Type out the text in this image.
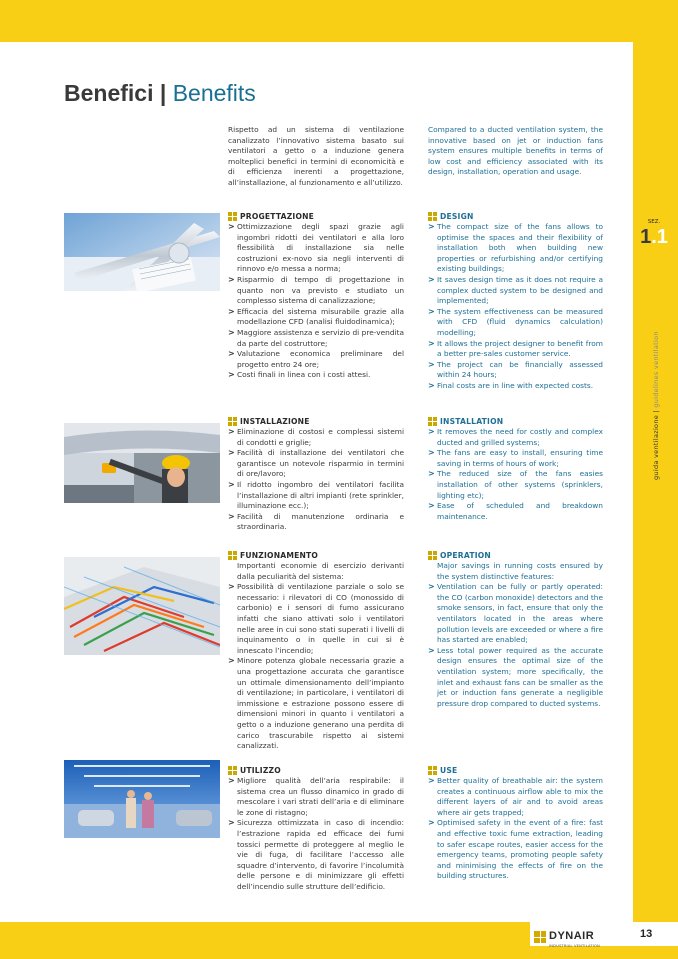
Benefici | Benefits

Rispetto ad un sistema di ventilazione canalizzato l’innovativo sistema basato sui ventilatori a getto o a induzione genera molteplici benefici in termini di economicità e di efficienza inerenti a progettazione, all’installazione, al funzionamento e all’utilizzo.

Compared to a ducted ventilation system, the innovative based on jet or induction fans system ensures multiple benefits in terms of low cost and efficiency associated with its design, installation, operation and usage.

PROGETTAZIONE
> Ottimizzazione degli spazi grazie agli ingombri ridotti dei ventilatori e alla loro flessibilità di installazione sia nelle costruzioni ex-novo sia negli interventi di rinnovo e/o messa a norma;
> Risparmio di tempo di progettazione in quanto non va previsto e studiato un complesso sistema di canalizzazione;
> Efficacia del sistema misurabile grazie alla modellazione CFD (analisi fluidodinamica);
> Maggiore assistenza e servizio di pre-vendita da parte del costruttore;
> Valutazione economica preliminare del progetto entro 24 ore;
> Costi finali in linea con i costi attesi.
DESIGN
> The compact size of the fans allows to optimise the spaces and their flexibility of installation both when building new properties or refurbishing and/or certifying existing buildings;
> It saves design time as it does not require a complex ducted system to be designed and implemented;
> The system effectiveness can be measured with CFD (fluid dynamics calculation) modelling;
> It allows the project designer to benefit from a better pre-sales customer service.
> The project can be financially assessed within 24 hours;
> Final costs are in line with expected costs.
INSTALLAZIONE
> Eliminazione di costosi e complessi sistemi di condotti e griglie;
> Facilità di installazione dei ventilatori che garantisce un notevole risparmio in termini di ore/lavoro;
> Il ridotto ingombro dei ventilatori facilita l’installazione di altri impianti (rete sprinkler, illuminazione ecc.);
> Facilità di manutenzione ordinaria e straordinaria.
INSTALLATION
> It removes the need for costly and complex ducted and grilled systems;
> The fans are easy to install, ensuring time saving in terms of hours of work;
> The reduced size of the fans easies installation of other systems (sprinklers, lighting etc);
> Ease of scheduled and breakdown maintenance.
FUNZIONAMENTO

Importanti economie di esercizio derivanti dalla peculiarità del sistema:

> Possibilità di ventilazione parziale o solo se necessario: i rilevatori di CO (monossido di carbonio) e i sensori di fumo assicurano infatti che siano attivati solo i ventilatori nelle aree in cui sono stati superati i livelli di inquinamento o in quelle in cui si è innescato l’incendio;
> Minore potenza globale necessaria grazie a una progettazione accurata che garantisce un ottimale dimensionamento dell’impianto di ventilazione; in particolare, i ventilatori di immissione e estrazione possono essere di dimensioni minori in quanto i ventilatori a getto o a induzione generano una perdita di carico trascurabile rispetto ai sistemi canalizzati.
OPERATION

Major savings in running costs ensured by the system distinctive features:

> Ventilation can be fully or partly operated: the CO (carbon monoxide) detectors and the smoke sensors, in fact, ensure that only the ventilators located in the areas where pollution levels are exceeded or where a fire has started are enabled;
> Less total power required as the accurate design ensures the optimal size of the ventilation system; more specifically, the inlet and exhaust fans can be smaller as the jet or induction fans generate a negligible pressure drop compared to ducted systems.
UTILIZZO
> Migliore qualità dell’aria respirabile: il sistema crea un flusso dinamico in grado di mescolare i vari strati dell’aria e di eliminare le zone di ristagno;
> Sicurezza ottimizzata in caso di incendio: l’estrazione rapida ed efficace dei fumi tossici permette di proteggere al meglio le vie di fuga, di facilitare l’accesso alle squadre d’intervento, di favorire l’incolumità delle persone e di minimizzare gli effetti dell’incendio sulle strutture dell’edificio.
USE
> Better quality of breathable air: the system creates a continuous airflow able to mix the different layers of air and to avoid areas where air gets trapped;
> Optimised safety in the event of a fire: fast and effective toxic fume extraction, leading to safer escape routes, easier access for the emergency teams, promoting people safety and minimising the effects of fire on the building structures.
SEZ.
1.1
guida ventilazione | guidelines ventilation
DYNAIR
INDUSTRIAL VENTILATION
13
